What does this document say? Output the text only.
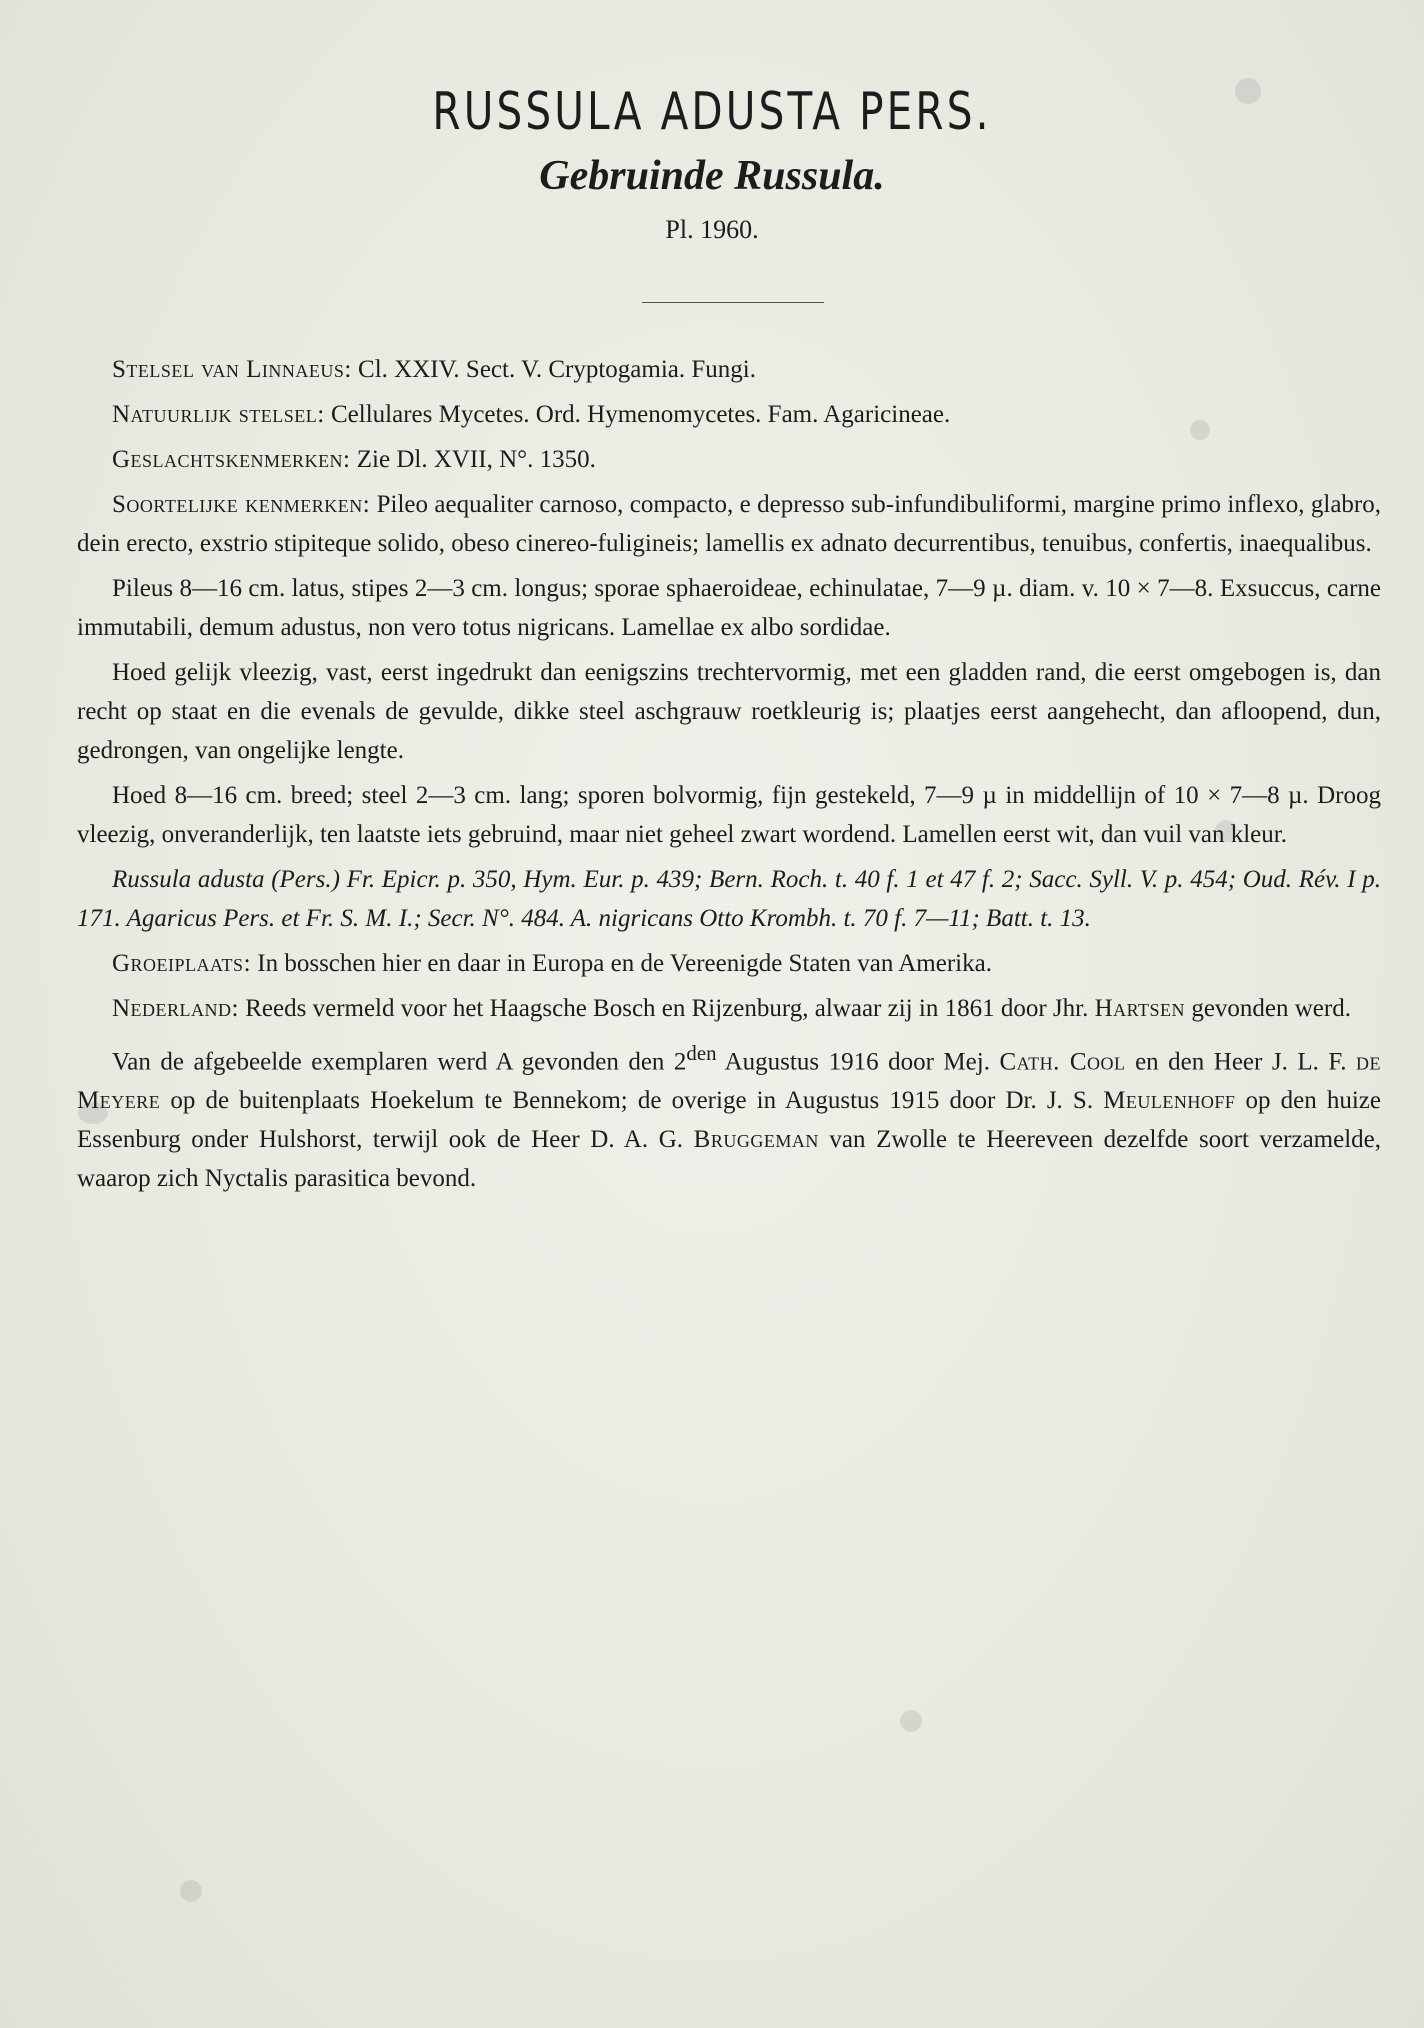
RUSSULA ADUSTA PERS.
Gebruinde Russula.
Pl. 1960.

Stelsel van Linnaeus: Cl. XXIV. Sect. V. Cryptogamia. Fungi.

Natuurlijk stelsel: Cellulares Mycetes. Ord. Hymenomycetes. Fam. Agaricineae.

Geslachtskenmerken: Zie Dl. XVII, N°. 1350.

Soortelijke kenmerken: Pileo aequaliter carnoso, compacto, e depresso sub-infundibuliformi, margine primo inflexo, glabro, dein erecto, exstrio stipiteque solido, obeso cinereo-fuligineis; lamellis ex adnato decurrentibus, tenuibus, confertis, inaequalibus.

Pileus 8—16 cm. latus, stipes 2—3 cm. longus; sporae sphaeroideae, echinulatae, 7—9 µ. diam. v. 10 × 7—8. Exsuccus, carne immutabili, demum adustus, non vero totus nigricans. Lamellae ex albo sordidae.

Hoed gelijk vleezig, vast, eerst ingedrukt dan eenigszins trechtervormig, met een gladden rand, die eerst omgebogen is, dan recht op staat en die evenals de gevulde, dikke steel aschgrauw roetkleurig is; plaatjes eerst aangehecht, dan afloopend, dun, gedrongen, van ongelijke lengte.

Hoed 8—16 cm. breed; steel 2—3 cm. lang; sporen bolvormig, fijn gestekeld, 7—9 µ in middellijn of 10 × 7—8 µ. Droog vleezig, onveranderlijk, ten laatste iets gebruind, maar niet geheel zwart wordend. Lamellen eerst wit, dan vuil van kleur.

Russula adusta (Pers.) Fr. Epicr. p. 350, Hym. Eur. p. 439; Bern. Roch. t. 40 f. 1 et 47 f. 2; Sacc. Syll. V. p. 454; Oud. Rév. I p. 171. Agaricus Pers. et Fr. S. M. I.; Secr. N°. 484. A. nigricans Otto Krombh. t. 70 f. 7—11; Batt. t. 13.

Groeiplaats: In bosschen hier en daar in Europa en de Vereenigde Staten van Amerika.

Nederland: Reeds vermeld voor het Haagsche Bosch en Rijzenburg, alwaar zij in 1861 door Jhr. Hartsen gevonden werd.

Van de afgebeelde exemplaren werd A gevonden den $2^{den}$ Augustus 1916 door Mej. Cath. Cool en den Heer J. L. F. de Meyere op de buitenplaats Hoekelum te Bennekom; de overige in Augustus 1915 door Dr. J. S. Meulenhoff op den huize Essenburg onder Hulshorst, terwijl ook de Heer D. A. G. Bruggeman van Zwolle te Heereveen dezelfde soort verzamelde, waarop zich Nyctalis parasitica bevond.
